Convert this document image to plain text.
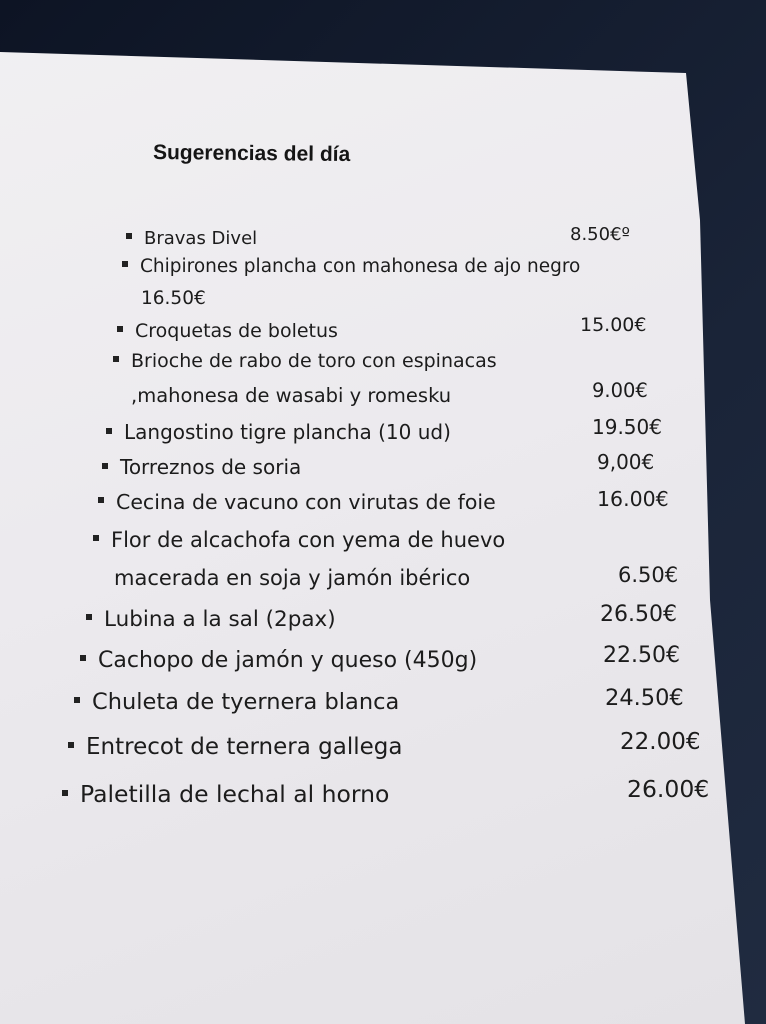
Sugerencias del día
Bravas Divel	8.50€º
Chipirones plancha con mahonesa de ajo negro
16.50€
Croquetas de boletus	15.00€
Brioche de rabo de toro con espinacas
,mahonesa de wasabi y romesku	9.00€
Langostino tigre plancha (10 ud)	19.50€
Torreznos de soria	9,00€
Cecina de vacuno con virutas de foie	16.00€
Flor de alcachofa con yema de huevo
macerada en soja y jamón ibérico	6.50€
Lubina a la sal (2pax)	26.50€
Cachopo de jamón y queso (450g)	22.50€
Chuleta de tyernera blanca	24.50€
Entrecot de ternera gallega	22.00€
Paletilla de lechal al horno	26.00€
